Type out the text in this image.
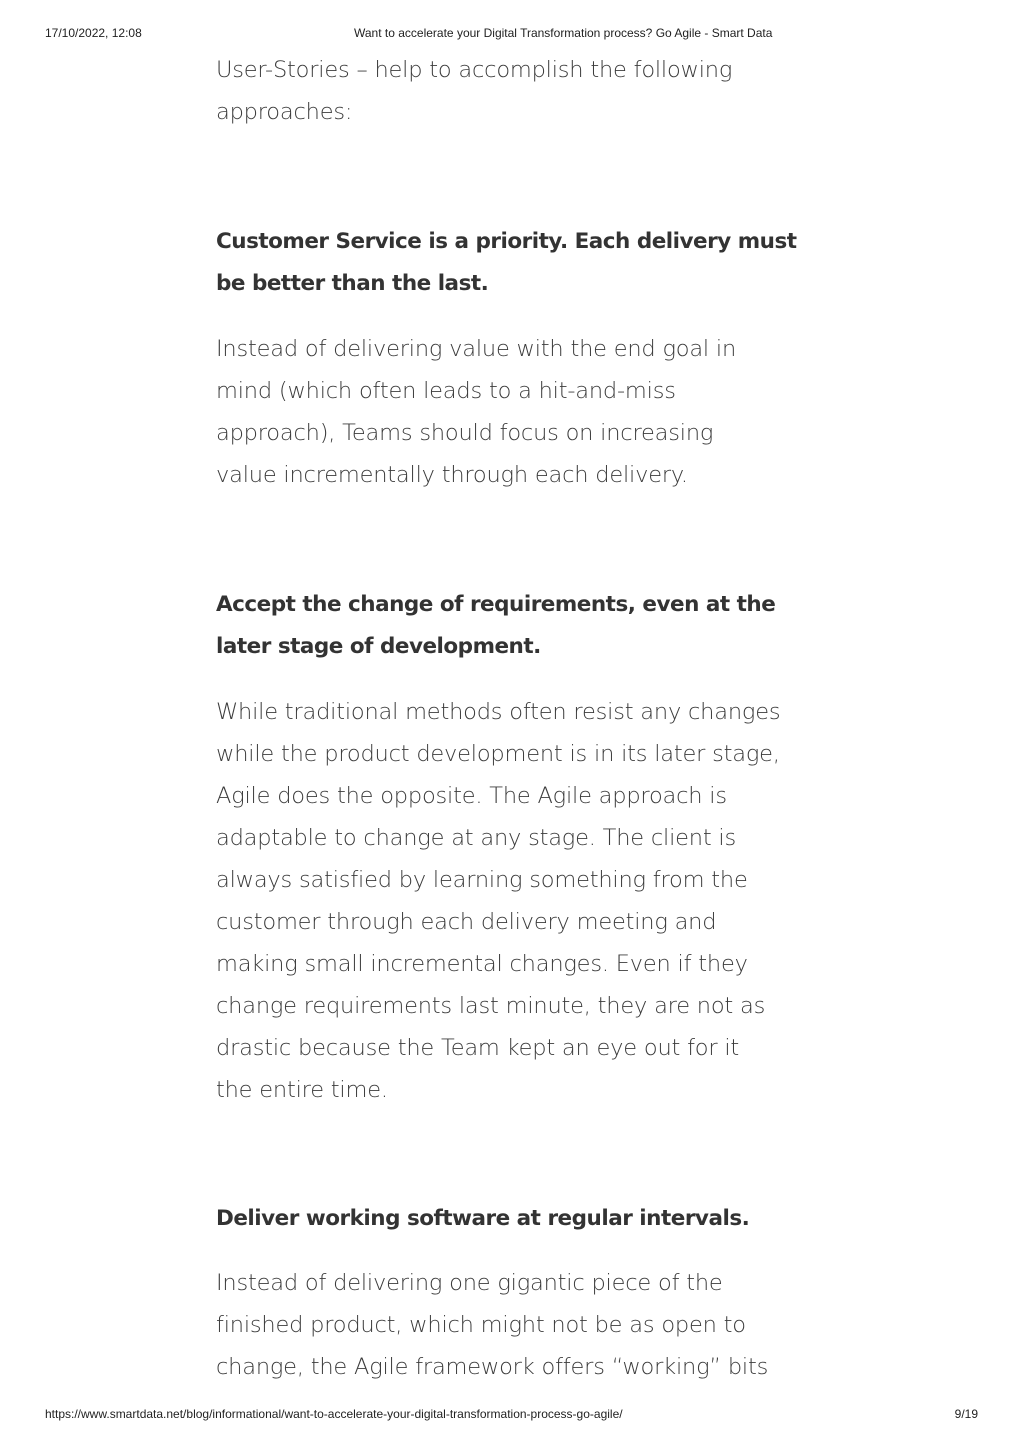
17/10/2022, 12:08	Want to accelerate your Digital Transformation process? Go Agile - Smart Data

User-Stories – help to accomplish the following
approaches:

Customer Service is a priority. Each delivery must
be better than the last.

Instead of delivering value with the end goal in
mind (which often leads to a hit-and-miss
approach), Teams should focus on increasing
value incrementally through each delivery.

Accept the change of requirements, even at the
later stage of development.

While traditional methods often resist any changes
while the product development is in its later stage,
Agile does the opposite. The Agile approach is
adaptable to change at any stage. The client is
always satisfied by learning something from the
customer through each delivery meeting and
making small incremental changes. Even if they
change requirements last minute, they are not as
drastic because the Team kept an eye out for it
the entire time.

Deliver working software at regular intervals.

Instead of delivering one gigantic piece of the
finished product, which might not be as open to
change, the Agile framework offers “working” bits

https://www.smartdata.net/blog/informational/want-to-accelerate-your-digital-transformation-process-go-agile/	9/19
